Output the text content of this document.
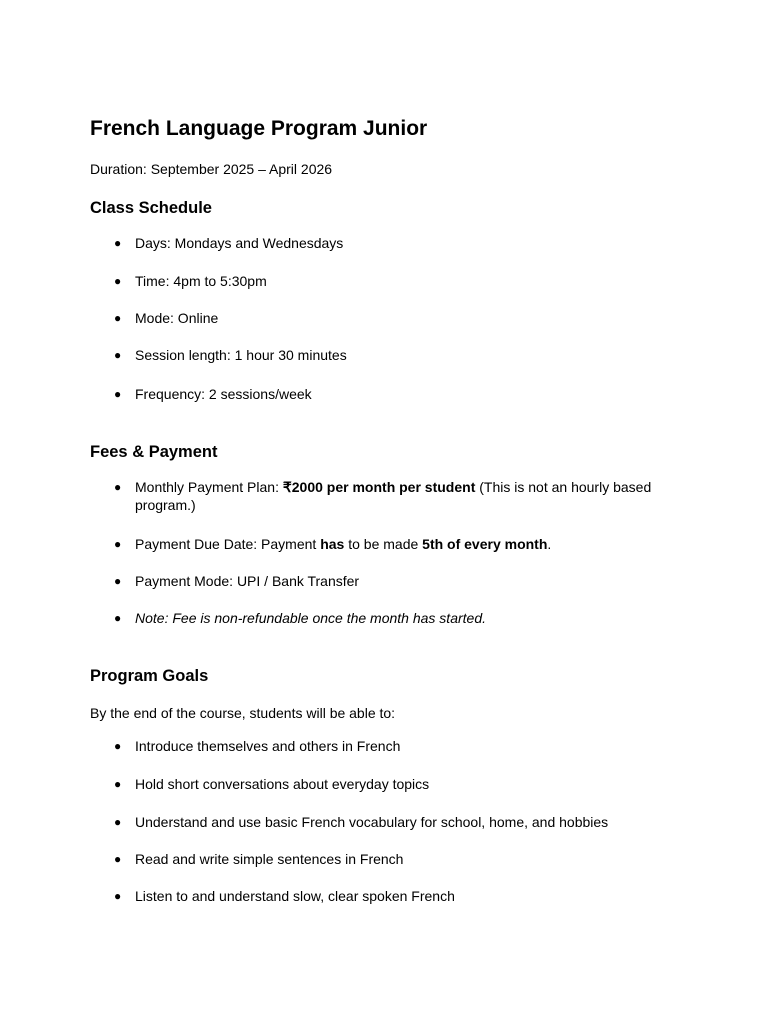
French Language Program Junior

Duration: September 2025 – April 2026

Class Schedule
● Days: Mondays and Wednesdays
● Time: 4pm to 5:30pm
● Mode: Online
● Session length: 1 hour 30 minutes
● Frequency: 2 sessions/week
Fees & Payment
● Monthly Payment Plan: ₹2000 per month per student (This is not an hourly based program.)
● Payment Due Date: Payment has to be made 5th of every month.
● Payment Mode: UPI / Bank Transfer
● Note: Fee is non-refundable once the month has started.
Program Goals

By the end of the course, students will be able to:

● Introduce themselves and others in French
● Hold short conversations about everyday topics
● Understand and use basic French vocabulary for school, home, and hobbies
● Read and write simple sentences in French
● Listen to and understand slow, clear spoken French
